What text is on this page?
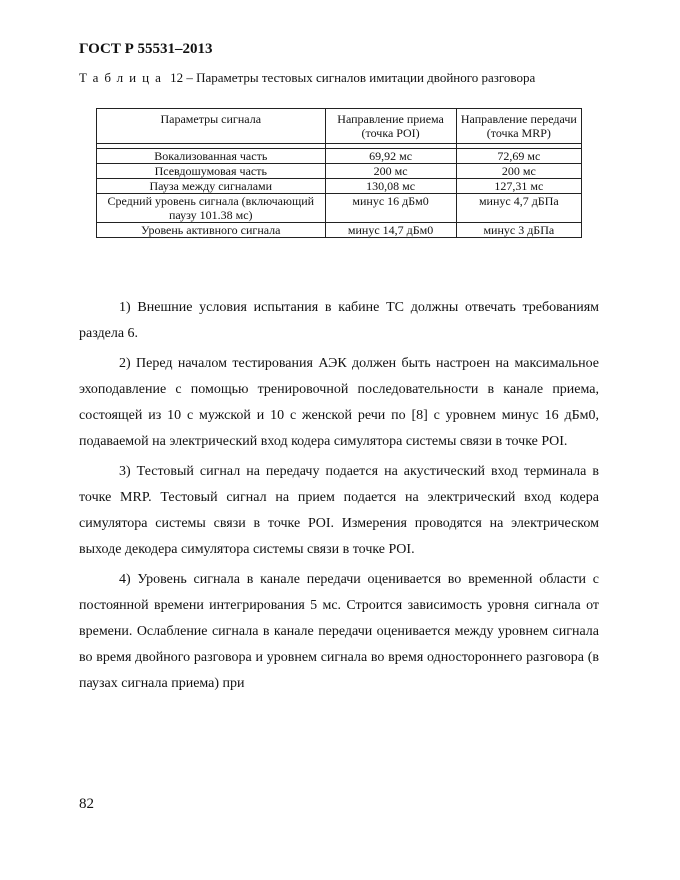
ГОСТ Р 55531–2013
Таблица 12 – Параметры тестовых сигналов имитации двойного разговора
Параметры сигнала	Направление приема (точка POI)	Направление передачи (точка MRP)

Вокализованная часть	69,92 мс	72,69 мс
Псевдошумовая часть	200 мс	200 мс
Пауза между сигналами	130,08 мс	127,31 мс
Средний уровень сигнала (включающий паузу 101.38 мс)	минус 16 дБм0	минус 4,7 дБПа
Уровень активного сигнала	минус 14,7 дБм0	минус 3 дБПа

1) Внешние условия испытания в кабине ТС должны отвечать требованиям раздела 6.

2) Перед началом тестирования АЭК должен быть настроен на максимальное эхоподавление с помощью тренировочной последовательности в канале приема, состоящей из 10 с мужской и 10 с женской речи по [8] с уровнем минус 16 дБм0, подаваемой на электрический вход кодера симулятора системы связи в точке POI.

3) Тестовый сигнал на передачу подается на акустический вход терминала в точке MRP. Тестовый сигнал на прием подается на электрический вход кодера симулятора системы связи в точке POI. Измерения проводятся на электрическом выходе декодера симулятора системы связи в точке POI.

4) Уровень сигнала в канале передачи оценивается во временной области с постоянной времени интегрирования 5 мс. Строится зависимость уровня сигнала от времени. Ослабление сигнала в канале передачи оценивается между уровнем сигнала во время двойного разговора и уровнем сигнала во время одностороннего разговора (в паузах сигнала приема) при

82
